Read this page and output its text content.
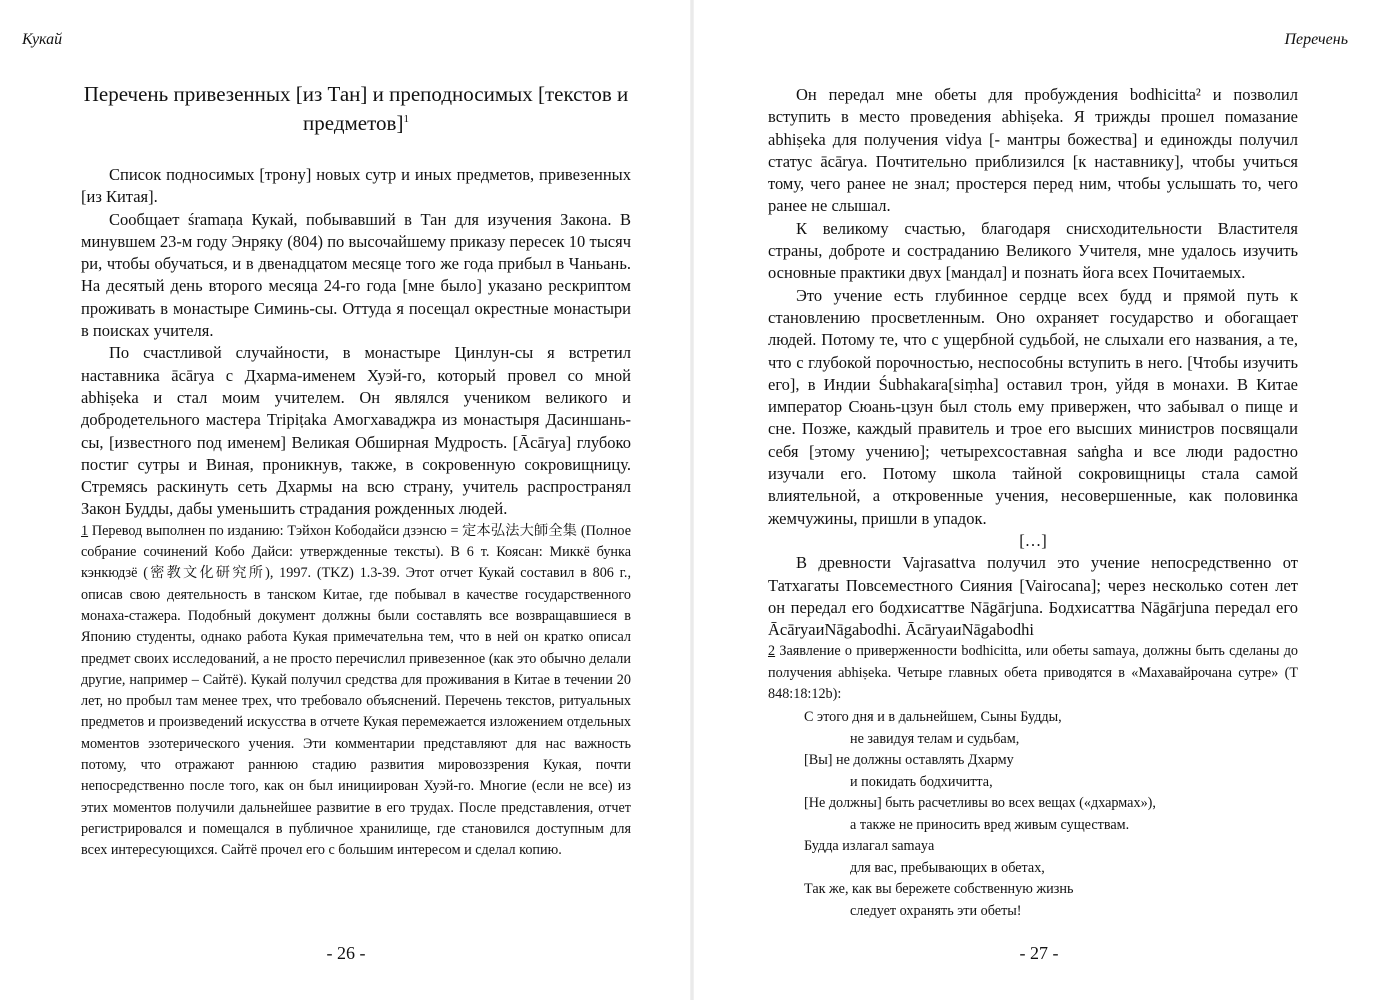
Кукай
Перечень привезенных [из Тан] и преподносимых [текстов и предметов]$^1$

Список подносимых [трону] новых сутр и иных предметов, привезенных [из Китая].

Сообщает śramaṇa Кукай, побывавший в Тан для изучения Закона. В минувшем 23-м году Энряку (804) по высочайшему приказу пересек 10 тысяч ри, чтобы обучаться, и в двенадцатом месяце того же года прибыл в Чаньань. На десятый день второго месяца 24-го года [мне было] указано рескриптом проживать в монастыре Симинь-сы. Оттуда я посещал окрестные монастыри в поисках учителя.

По счастливой случайности, в монастыре Цинлун-сы я встретил наставника ācārya с Дхарма-именем Хуэй-го, который провел со мной abhiṣeka и стал моим учителем. Он являлся учеником великого и добродетельного мастера Tripiṭaka Амогхаваджра из монастыря Дасиншань-сы, [известного под именем] Великая Обширная Мудрость. [Ācārya] глубоко постиг сутры и Виная, проникнув, также, в сокровенную сокровищницу. Стремясь раскинуть сеть Дхармы на всю страну, учитель распространял Закон Будды, дабы уменьшить страдания рожденных людей.

1 Перевод выполнен по изданию: Тэйхон Кободайси дзэнсю = 定本弘法大師全集 (Полное собрание сочинений Кобо Дайси: утвержденные тексты). В 6 т. Коясан: Миккё бунка кэнкюдзё (密教文化研究所), 1997. (TKZ) 1.3-39. Этот отчет Кукай составил в 806 г., описав свою деятельность в танском Китае, где побывал в качестве государственного монаха-стажера. Подобный документ должны были составлять все возвращавшиеся в Японию студенты, однако работа Кукая примечательна тем, что в ней он кратко описал предмет своих исследований, а не просто перечислил привезенное (как это обычно делали другие, например – Сайтё). Кукай получил средства для проживания в Китае в течении 20 лет, но пробыл там менее трех, что требовало объяснений. Перечень текстов, ритуальных предметов и произведений искусства в отчете Кукая перемежается изложением отдельных моментов эзотерического учения. Эти комментарии представляют для нас важность потому, что отражают раннюю стадию развития мировоззрения Кукая, почти непосредственно после того, как он был инициирован Хуэй-го. Многие (если не все) из этих моментов получили дальнейшее развитие в его трудах. После представления, отчет регистрировался и помещался в публичное хранилище, где становился доступным для всех интересующихся. Сайтё прочел его с большим интересом и сделал копию.

- 26 -
Перечень
- 27 -

Он передал мне обеты для пробуждения bodhicitta² и позволил вступить в место проведения abhiṣeka. Я трижды прошел помазание abhiṣeka для получения vidya [- мантры божества] и единожды получил статус ācārya. Почтительно приблизился [к наставнику], чтобы учиться тому, чего ранее не знал; простерся перед ним, чтобы услышать то, чего ранее не слышал.

К великому счастью, благодаря снисходительности Властителя страны, доброте и состраданию Великого Учителя, мне удалось изучить основные практики двух [мандал] и познать йога всех Почитаемых.

Это учение есть глубинное сердце всех будд и прямой путь к становлению просветленным. Оно охраняет государство и обогащает людей. Потому те, что с ущербной судьбой, не слыхали его названия, а те, что с глубокой порочностью, неспособны вступить в него. [Чтобы изучить его], в Индии Śubhakara[siṃha] оставил трон, уйдя в монахи. В Китае император Сюань-цзун был столь ему привержен, что забывал о пище и сне. Позже, каждый правитель и трое его высших министров посвящали себя [этому учению]; четырехсоставная saṅgha и все люди радостно изучали его. Потому школа тайной сокровищницы стала самой влиятельной, а откровенные учения, несовершенные, как половинка жемчужины, пришли в упадок.

[…]

В древности Vajrasattva получил это учение непосредственно от Татхагаты Повсеместного Сияния [Vairocana]; через несколько сотен лет он передал его бодхисаттве Nāgārjuna. Бодхисаттва Nāgārjuna передал его ĀcāryaиNāgabodhi. ĀcāryaиNāgabodhi

2 Заявление о приверженности bodhicitta, или обеты samaya, должны быть сделаны до получения abhiṣeka. Четыре главных обета приводятся в «Махавайрочана сутре» (T 848:18:12b):

С этого дня и в дальнейшем, Сыны Будды,
не завидуя телам и судьбам,
[Вы] не должны оставлять Дхарму
и покидать бодхичитта,
[Не должны] быть расчетливы во всех вещах («дхармах»),
а также не приносить вред живым существам.
Будда излагал samaya
для вас, пребывающих в обетах,
Так же, как вы бережете собственную жизнь
следует охранять эти обеты!
